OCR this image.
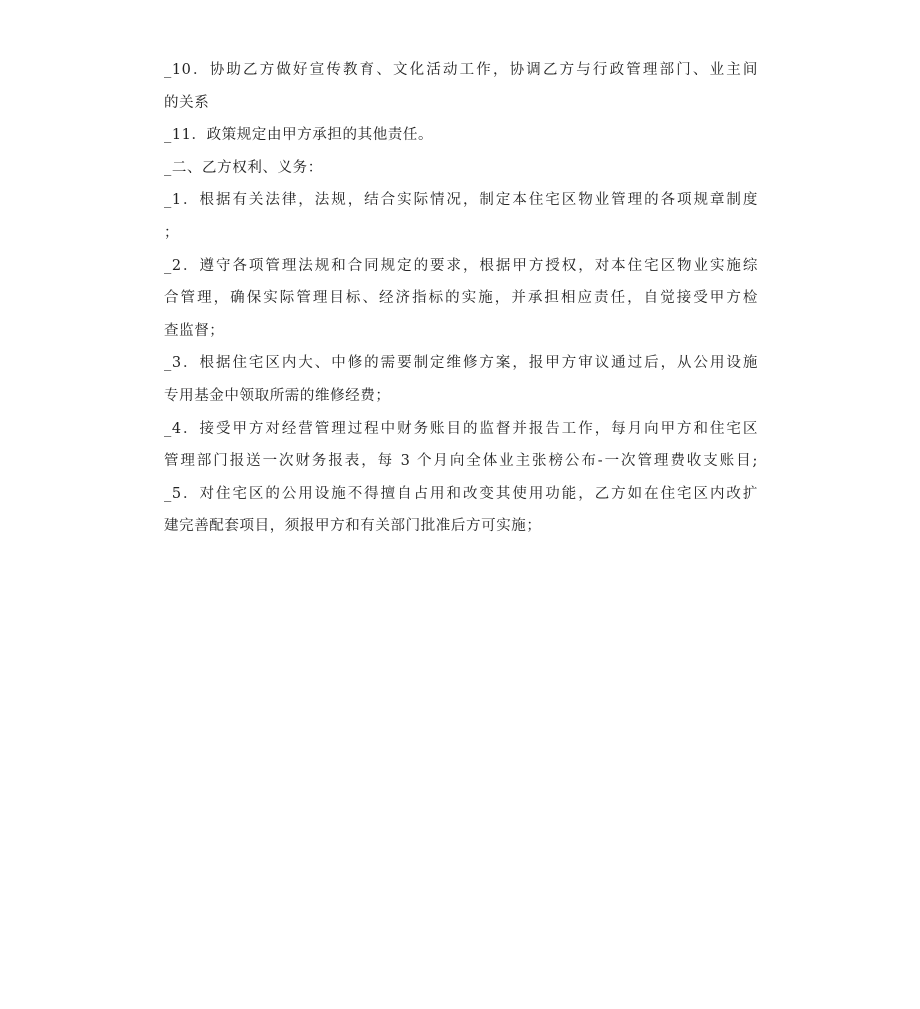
_10．协助乙方做好宣传教育、文化活动工作，协调乙方与行政管理部门、业主间
的关系
_11．政策规定由甲方承担的其他责任。
_二、乙方权利、义务：
_1．根据有关法律，法规，结合实际情况，制定本住宅区物业管理的各项规章制度
；
_2．遵守各项管理法规和合同规定的要求，根据甲方授权，对本住宅区物业实施综
合管理，确保实际管理目标、经济指标的实施，并承担相应责任，自觉接受甲方检
查监督；
_3．根据住宅区内大、中修的需要制定维修方案，报甲方审议通过后，从公用设施
专用基金中领取所需的维修经费；
_4．接受甲方对经营管理过程中财务账目的监督并报告工作，每月向甲方和住宅区
管理部门报送一次财务报表，每 3 个月向全体业主张榜公布-一次管理费收支账目;
_5．对住宅区的公用设施不得擅自占用和改变其使用功能，乙方如在住宅区内改扩
建完善配套项目，须报甲方和有关部门批准后方可实施；
